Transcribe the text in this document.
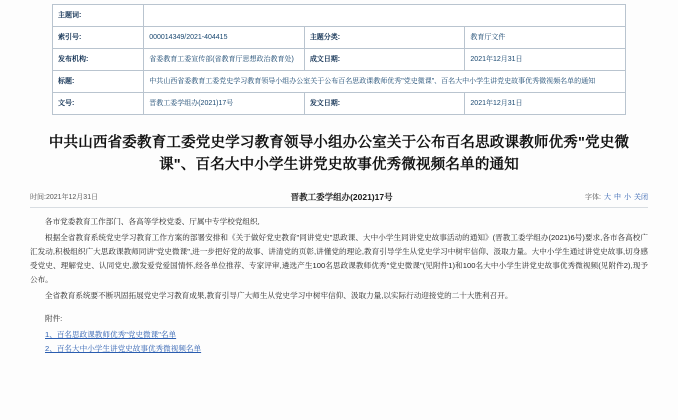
主题词:			
索引号:	000014349/2021-404415	主题分类:	教育厅文件
发布机构:	省委教育工委宣传部(省教育厅思想政治教育处)	成文日期:	2021年12月31日
标题:	中共山西省委教育工委党史学习教育领导小组办公室关于公布百名思政课教师优秀"党史微课"、百名大中小学生讲党史故事优秀微视频名单的通知		
文号:	晋教工委学组办(2021)17号	发文日期:	2021年12月31日
中共山西省委教育工委党史学习教育领导小组办公室关于公布百名思政课教师优秀"党史微课"、百名大中小学生讲党史故事优秀微视频名单的通知
时间:2021年12月31日	晋教工委学组办(2021)17号	字体: 大 中 小 关闭

各市党委教育工作部门、各高等学校党委、厅属中专学校党组织,

根据全省教育系统党史学习教育工作方案的部署安排和《关于做好党史教育"同讲党史"思政课、大中小学生同讲党史故事活动的通知》(晋教工委学组办(2021)6号)要求,各市各高校广汇发动,积极组织广大思政课教师同讲"党史微课",进一步把好党的故事、讲清党的页彰,讲懂党的理论,教育引导学生从党史学习中树牢信仰、汲取力量。大中小学生通过讲党史故事,切身感受党史、理解党史、认同党史,激发爱党爱国情怀,经各单位推荐、专家评审,遴选产生100名思政课教师优秀"党史微课"(见附件1)和100名大中小学生讲党史故事优秀微视频(见附件2),现予公布。

全省教育系统要不断巩固拓展党史学习教育成果,教育引导广大师生从党史学习中树牢信仰、汲取力量,以实际行动迎接党的二十大胜利召开。

附件:
1、百名思政课教师优秀"党史微课"名单
2、百名大中小学生讲党史故事优秀微视频名单
